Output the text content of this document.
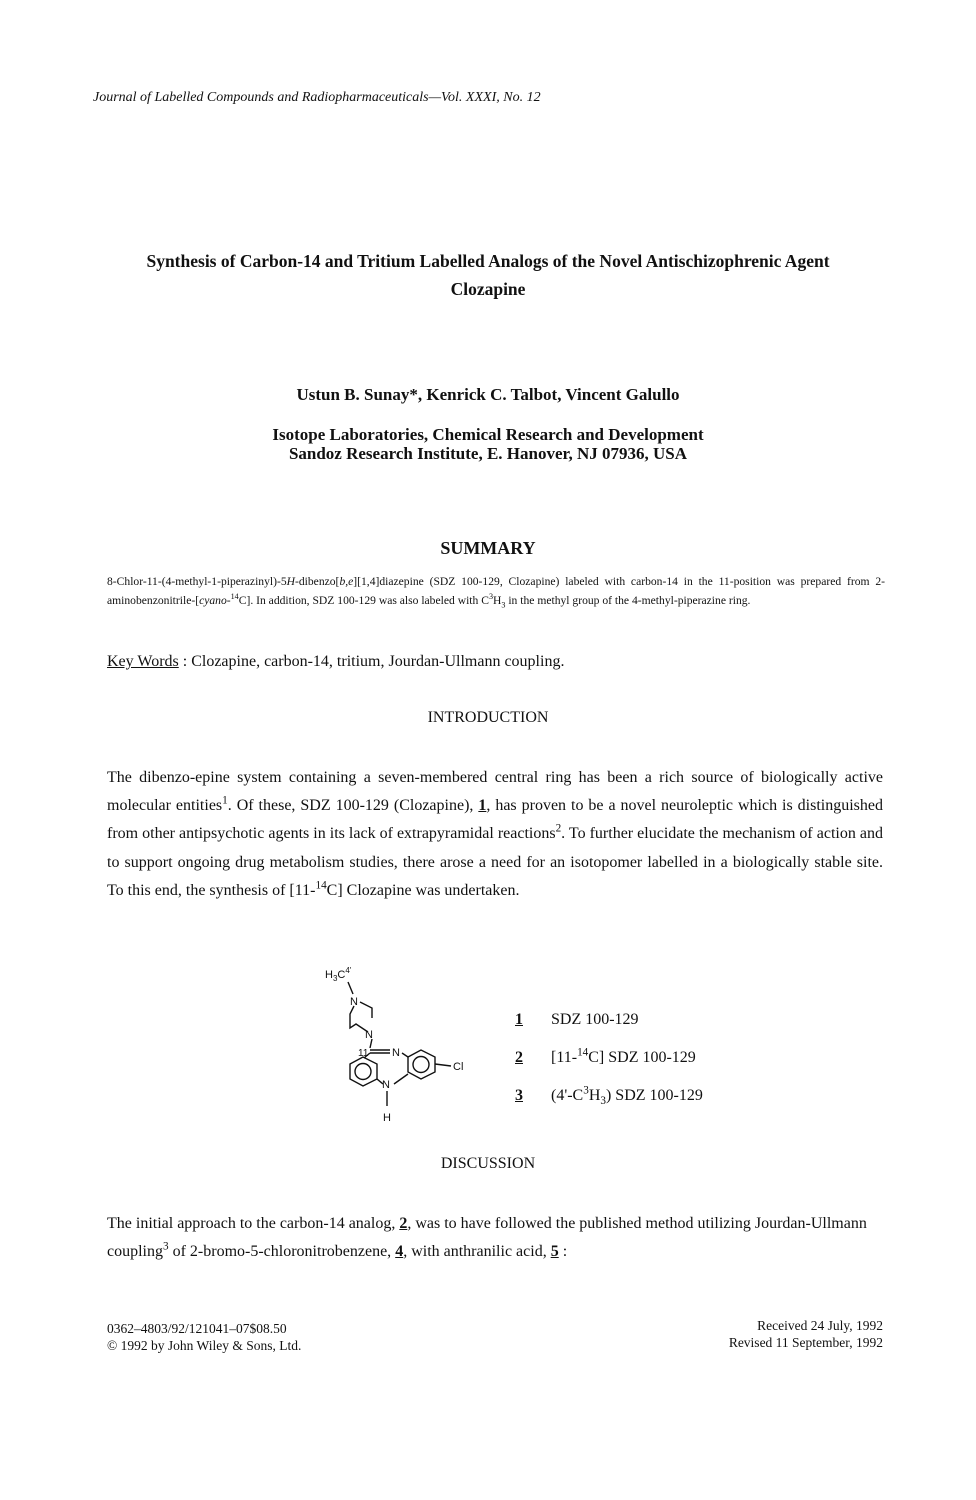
Journal of Labelled Compounds and Radiopharmaceuticals—Vol. XXXI, No. 12
Synthesis of Carbon-14 and Tritium Labelled Analogs of the Novel Antischizophrenic Agent
Clozapine
Ustun B. Sunay*, Kenrick C. Talbot, Vincent Galullo
Isotope Laboratories, Chemical Research and Development
Sandoz Research Institute, E. Hanover, NJ 07936, USA
SUMMARY
8-Chlor-11-(4-methyl-1-piperazinyl)-5H-dibenzo[b,e][1,4]diazepine (SDZ 100-129, Clozapine) labeled with carbon-14 in the 11-position was prepared from 2-aminobenzonitrile-[cyano-$^{14}$C]. In addition, SDZ 100-129 was also labeled with $C^3H_3$ in the methyl group of the 4-methyl-piperazine ring.
Key Words : Clozapine, carbon-14, tritium, Jourdan-Ullmann coupling.
INTRODUCTION
The dibenzo-epine system containing a seven-membered central ring has been a rich source of biologically active molecular entities$^1$. Of these, SDZ 100-129 (Clozapine), 1, has proven to be a novel neuroleptic which is distinguished from other antipsychotic agents in its lack of extrapyramidal reactions$^2$. To further elucidate the mechanism of action and to support ongoing drug metabolism studies, there arose a need for an isotopomer labelled in a biologically stable site. To this end, the synthesis of [11-$^{14}$C] Clozapine was undertaken.
$H_3C^{4'}$
N
N
11 N
N
H
Cl
1	SDZ 100-129
2	[11-$^{14}$C] SDZ 100-129
3	$(4'-C^3H_3)$ SDZ 100-129
DISCUSSION
The initial approach to the carbon-14 analog, 2, was to have followed the published method utilizing Jourdan-Ullmann coupling$^3$ of 2-bromo-5-chloronitrobenzene, 4, with anthranilic acid, 5 :
0362–4803/92/121041–07$08.50
© 1992 by John Wiley & Sons, Ltd.
Received 24 July, 1992
Revised 11 September, 1992
